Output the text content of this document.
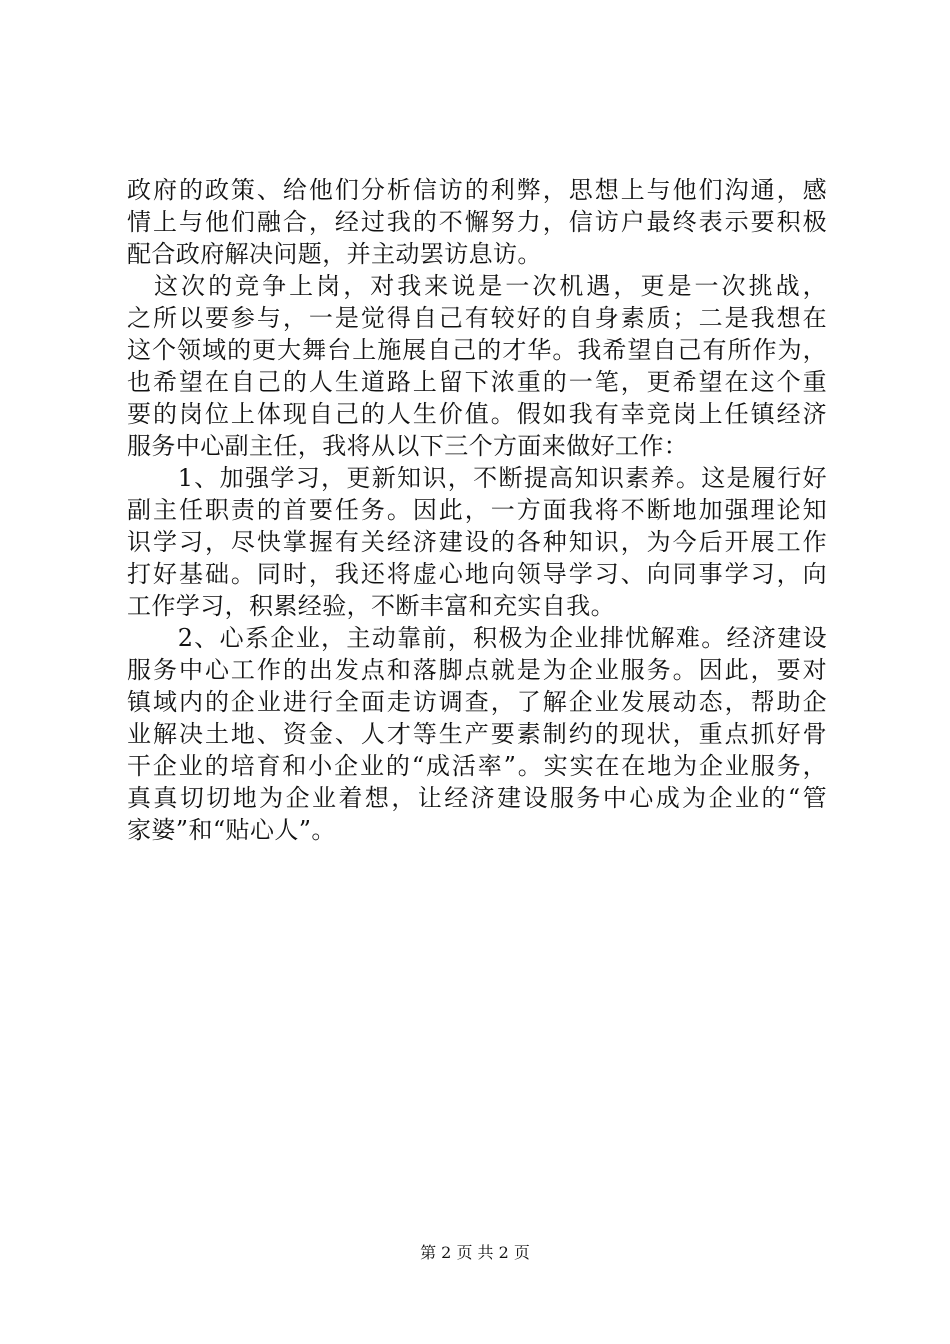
政府的政策、给他们分析信访的利弊，思想上与他们沟通，感
情上与他们融合，经过我的不懈努力，信访户最终表示要积极
配合政府解决问题，并主动罢访息访。
　这次的竞争上岗，对我来说是一次机遇，更是一次挑战，
之所以要参与，一是觉得自己有较好的自身素质；二是我想在
这个领域的更大舞台上施展自己的才华。我希望自己有所作为，
也希望在自己的人生道路上留下浓重的一笔，更希望在这个重
要的岗位上体现自己的人生价值。假如我有幸竞岗上任镇经济
服务中心副主任，我将从以下三个方面来做好工作：
　　1、加强学习，更新知识，不断提高知识素养。这是履行好
副主任职责的首要任务。因此，一方面我将不断地加强理论知
识学习，尽快掌握有关经济建设的各种知识，为今后开展工作
打好基础。同时，我还将虚心地向领导学习、向同事学习，向
工作学习，积累经验，不断丰富和充实自我。
　　2、心系企业，主动靠前，积极为企业排忧解难。经济建设
服务中心工作的出发点和落脚点就是为企业服务。因此，要对
镇域内的企业进行全面走访调查，了解企业发展动态，帮助企
业解决土地、资金、人才等生产要素制约的现状，重点抓好骨
干企业的培育和小企业的“成活率”。实实在在地为企业服务，
真真切切地为企业着想，让经济建设服务中心成为企业的“管
家婆”和“贴心人”。
第 2 页 共 2 页
